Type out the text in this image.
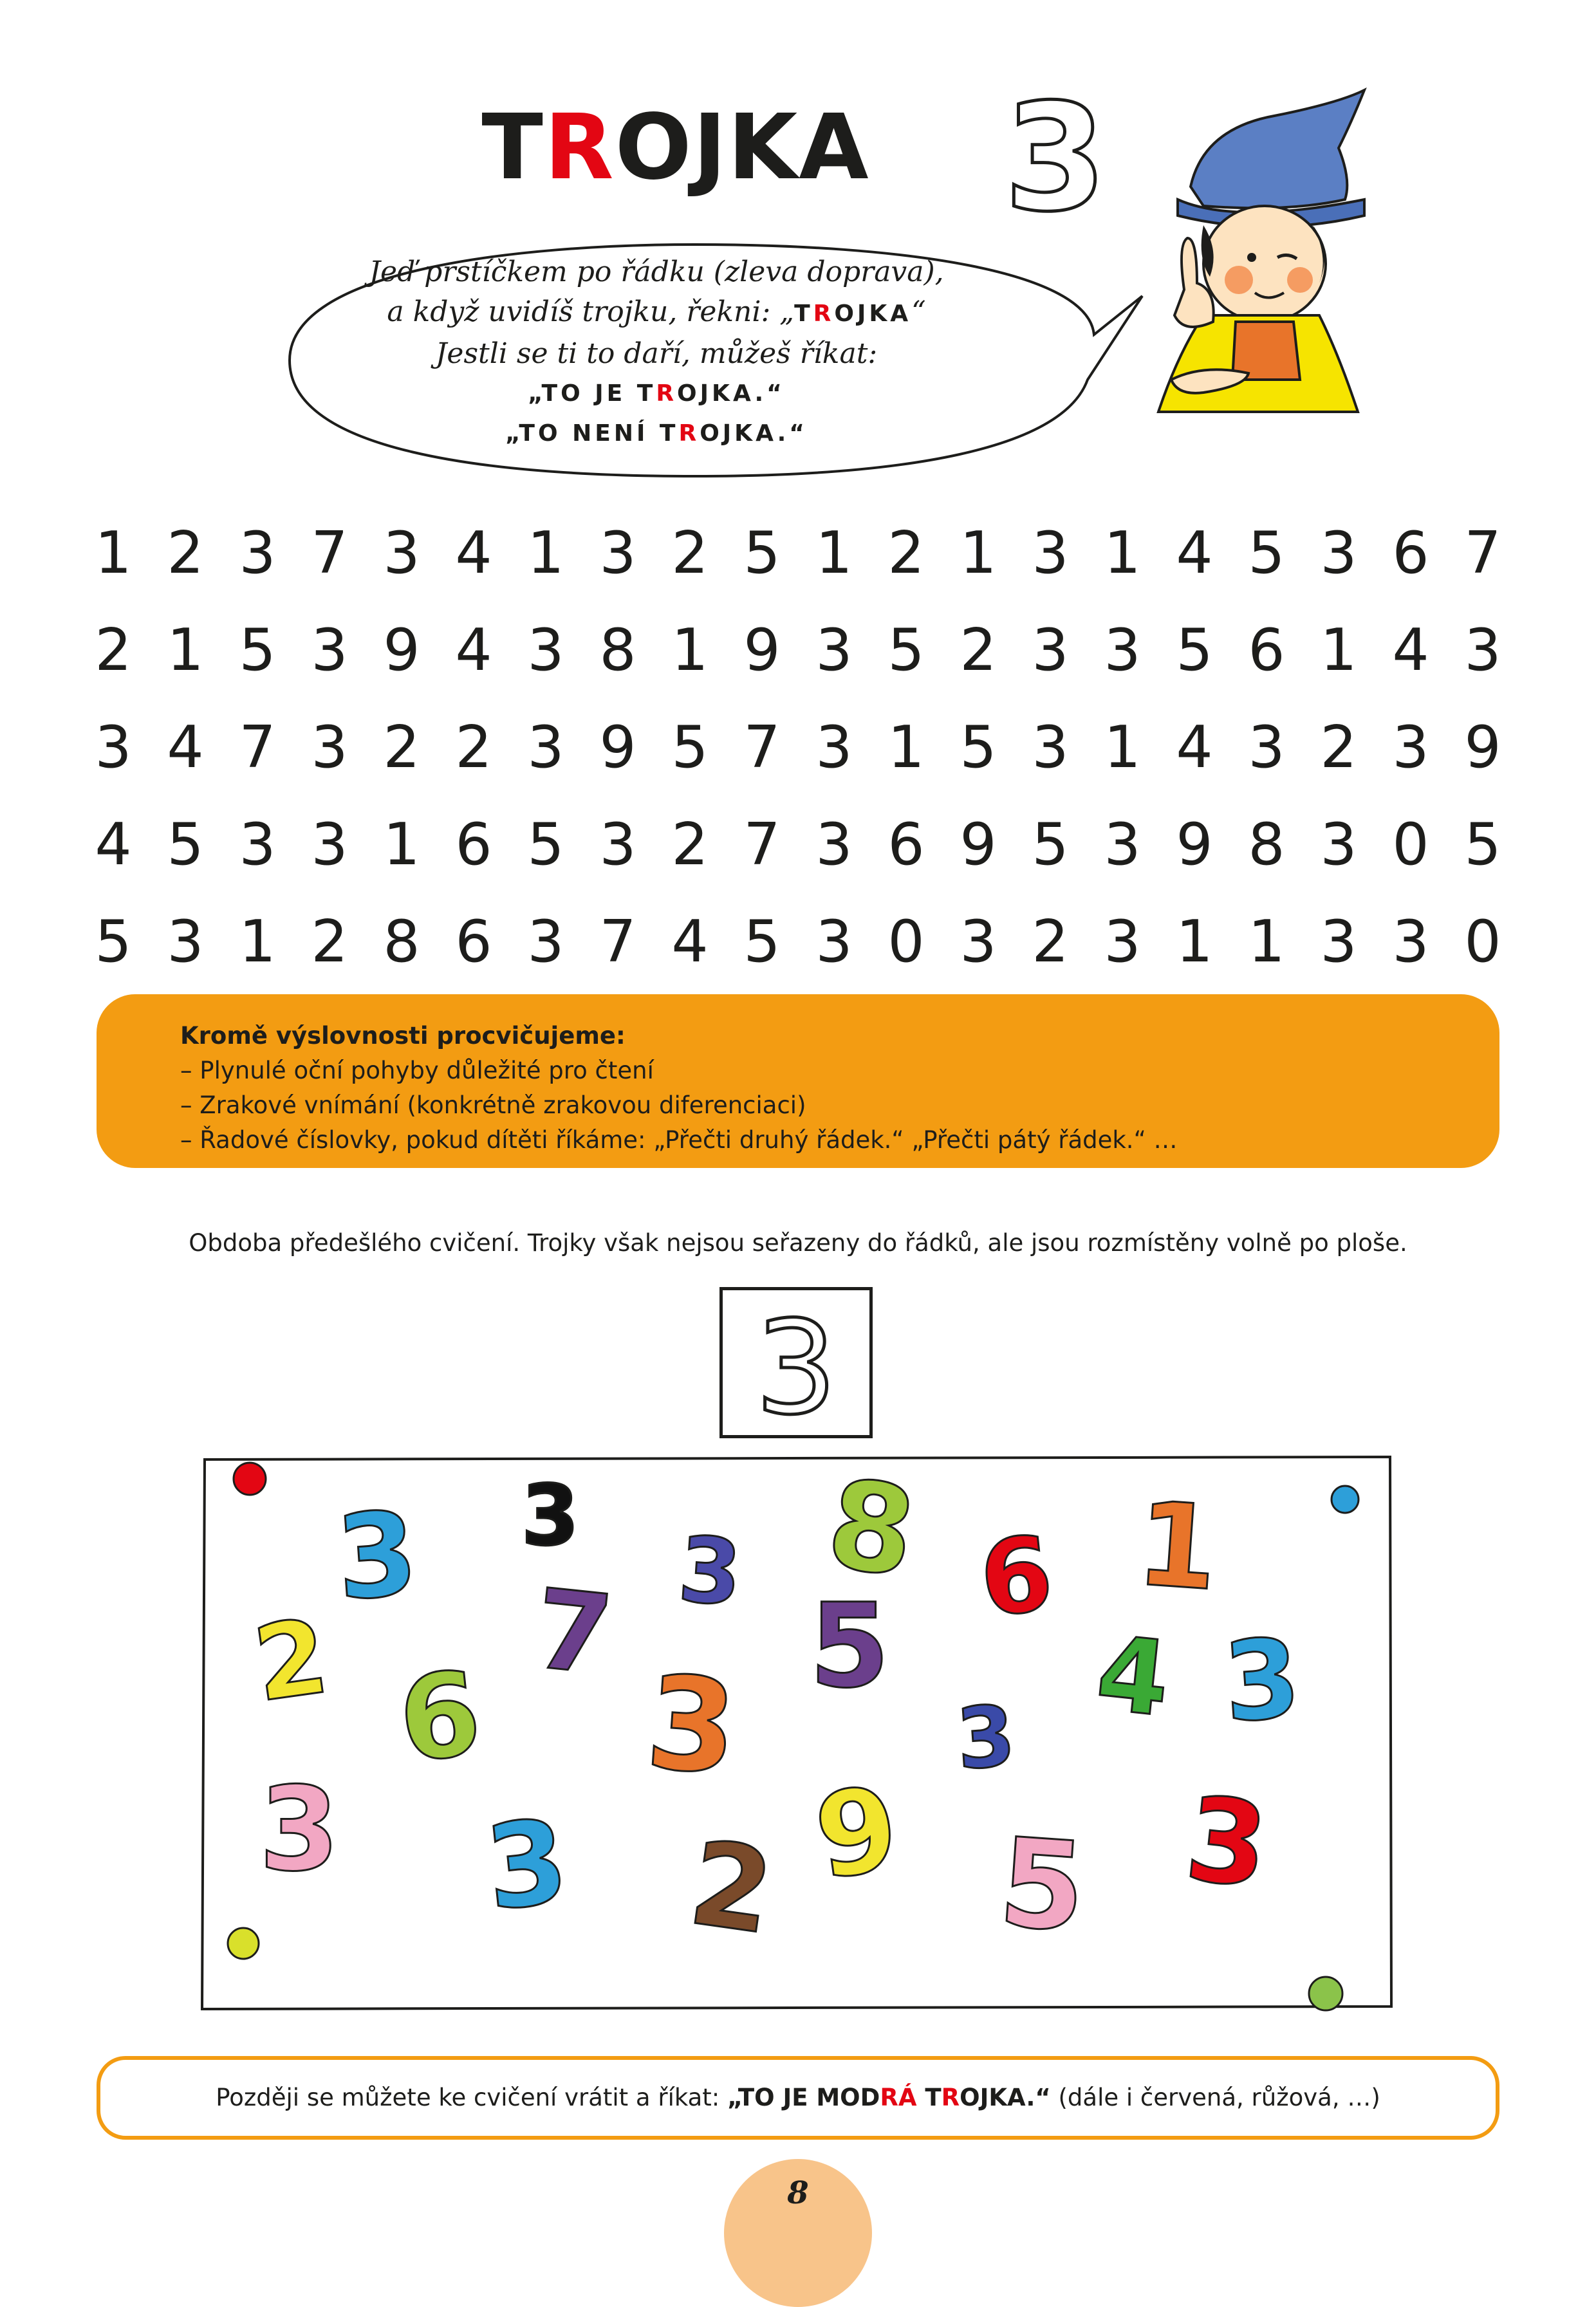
TROJKA 3
Jeď prstíčkem po řádku (zleva doprava),
a když uvidíš trojku, řekni: „TROJKA“
Jestli se ti to daří, můžeš říkat:
„TO JE TROJKA.“
„TO NENÍ TROJKA.“
1 2 3 7 3 4 1 3 2 5 1 2 1 3 1 4 5 3 6 7
2 1 5 3 9 4 3 8 1 9 3 5 2 3 3 5 6 1 4 3
3 4 7 3 2 2 3 9 5 7 3 1 5 3 1 4 3 2 3 9
4 5 3 3 1 6 5 3 2 7 3 6 9 5 3 9 8 3 0 5
5 3 1 2 8 6 3 7 4 5 3 0 3 2 3 1 1 3 3 0
Kromě výslovnosti procvičujeme:
– Plynulé oční pohyby důležité pro čtení
– Zrakové vnímání (konkrétně zrakovou diferenciaci)
– Řadové číslovky, pokud dítěti říkáme: „Přečti druhý řádek.“ „Přečti pátý řádek.“ …
Obdoba předešlého cvičení. Trojky však nejsou seřazeny do řádků, ale jsou rozmístěny volně po ploše.
3
3 3
3 8 6 1
2 7 5 4 3
6 3	3
3 3 2 9 5 3
Později se můžete ke cvičení vrátit a říkat: „TO JE MODRÁ TROJKA.“ (dále i červená, růžová, …)
8
